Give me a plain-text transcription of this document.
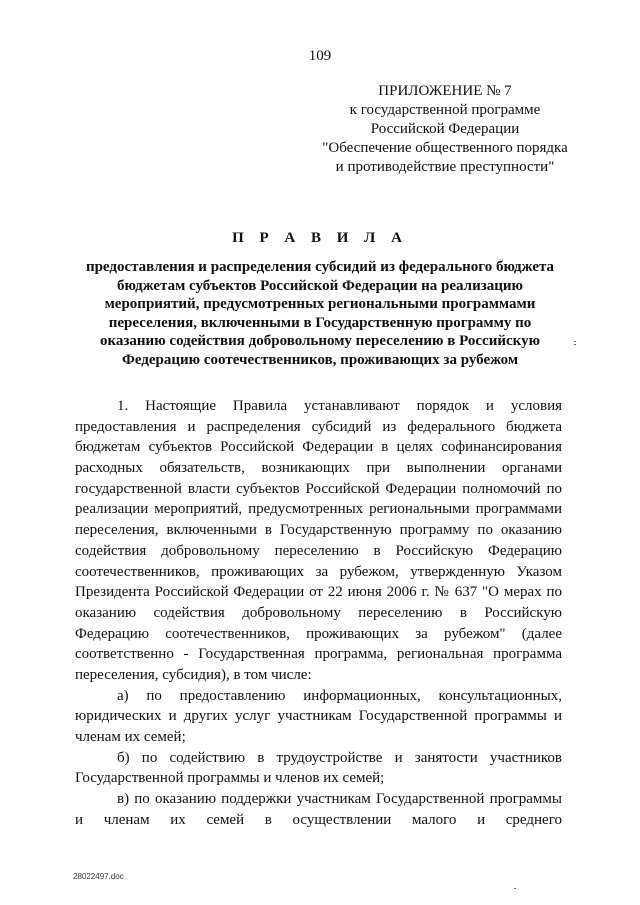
109
ПРИЛОЖЕНИЕ № 7
к государственной программе
Российской Федерации
"Обеспечение общественного порядка
и противодействие преступности"
П Р А В И Л А
предоставления и распределения субсидий из федерального бюджета
бюджетам субъектов Российской Федерации на реализацию
мероприятий, предусмотренных региональными программами
переселения, включенными в Государственную программу по
оказанию содействия добровольному переселению в Российскую
Федерацию соотечественников, проживающих за рубежом
1. Настоящие Правила устанавливают порядок и условия
предоставления и распределения субсидий из федерального бюджета
бюджетам субъектов Российской Федерации в целях софинансирования
расходных обязательств, возникающих при выполнении органами
государственной власти субъектов Российской Федерации полномочий по
реализации мероприятий, предусмотренных региональными программами
переселения, включенными в Государственную программу по оказанию
содействия добровольному переселению в Российскую Федерацию
соотечественников, проживающих за рубежом, утвержденную Указом
Президента Российской Федерации от 22 июня 2006 г. № 637 "О мерах по
оказанию содействия добровольному переселению в Российскую
Федерацию соотечественников, проживающих за рубежом" (далее
соответственно - Государственная программа, региональная программа
переселения, субсидия), в том числе:
а) по предоставлению информационных, консультационных,
юридических и других услуг участникам Государственной программы и
членам их семей;
б) по содействию в трудоустройстве и занятости участников
Государственной программы и членов их семей;
в) по оказанию поддержки участникам Государственной программы
и членам их семей в осуществлении малого и среднего
28022497.doc
